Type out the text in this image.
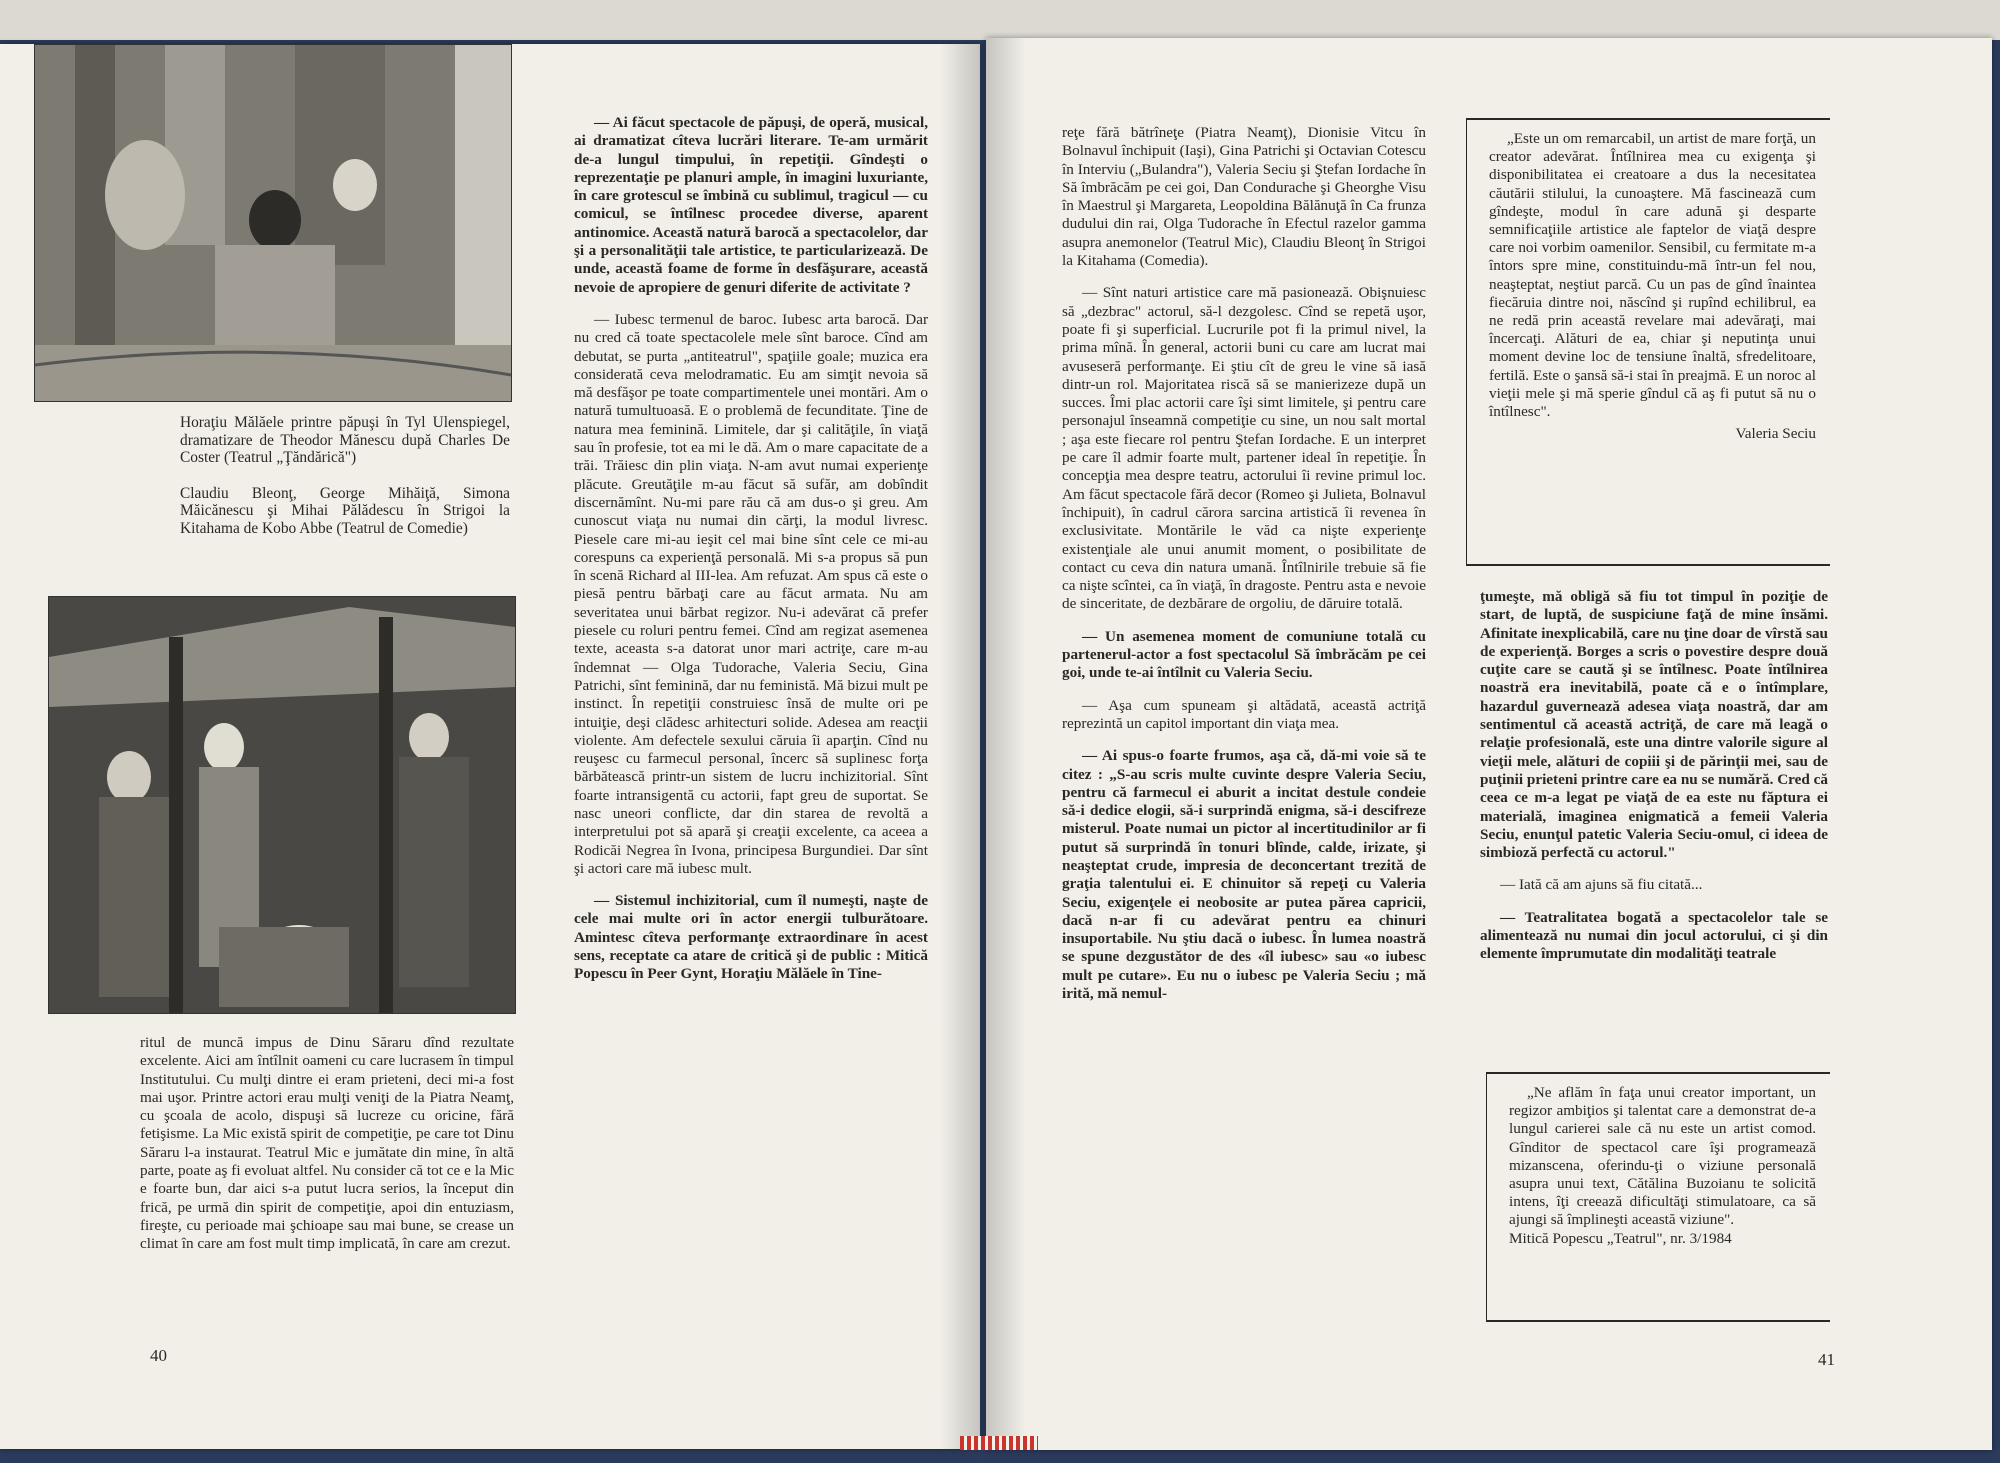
Horaţiu Mălăele printre păpuşi în Tyl Ulenspiegel, dramatizare de Theodor Mănescu după Charles De Coster (Teatrul „Ţăndărică")

Claudiu Bleonţ, George Mihăiţă, Simona Măicănescu şi Mihai Pălădescu în Strigoi la Kitahama de Kobo Abbe (Teatrul de Comedie)

ritul de muncă impus de Dinu Săraru dînd rezultate excelente. Aici am întîlnit oameni cu care lucrasem în timpul Institutului. Cu mulţi dintre ei eram prieteni, deci mi-a fost mai uşor. Printre actori erau mulţi veniţi de la Piatra Neamţ, cu şcoala de acolo, dispuşi să lucreze cu oricine, fără fetişisme. La Mic există spirit de competiţie, pe care tot Dinu Săraru l-a instaurat. Teatrul Mic e jumătate din mine, în altă parte, poate aş fi evoluat altfel. Nu consider că tot ce e la Mic e foarte bun, dar aici s-a putut lucra serios, la început din frică, pe urmă din spirit de competiţie, apoi din entuziasm, fireşte, cu perioade mai şchioape sau mai bune, se crease un climat în care am fost mult timp implicată, în care am crezut.

— Ai făcut spectacole de păpuşi, de operă, musical, ai dramatizat cîteva lucrări literare. Te-am urmărit de-a lungul timpului, în repetiţii. Gîndeşti o reprezentaţie pe planuri ample, în imagini luxuriante, în care grotescul se îmbină cu sublimul, tragicul — cu comicul, se întîlnesc procedee diverse, aparent antinomice. Această natură barocă a spectacolelor, dar şi a personalităţii tale artistice, te particularizează. De unde, această foame de forme în desfăşurare, această nevoie de apropiere de genuri diferite de activitate ?

— Iubesc termenul de baroc. Iubesc arta barocă. Dar nu cred că toate spectacolele mele sînt baroce. Cînd am debutat, se purta „antiteatrul", spaţiile goale; muzica era considerată ceva melodramatic. Eu am simţit nevoia să mă desfăşor pe toate compartimentele unei montări. Am o natură tumultuoasă. E o problemă de fecunditate. Ţine de natura mea feminină. Limitele, dar şi calităţile, în viaţă sau în profesie, tot ea mi le dă. Am o mare capacitate de a trăi. Trăiesc din plin viaţa. N-am avut numai experienţe plăcute. Greutăţile m-au făcut să sufăr, am dobîndit discernămînt. Nu-mi pare rău că am dus-o şi greu. Am cunoscut viaţa nu numai din cărţi, la modul livresc. Piesele care mi-au ieşit cel mai bine sînt cele ce mi-au corespuns ca experienţă personală. Mi s-a propus să pun în scenă Richard al III-lea. Am refuzat. Am spus că este o piesă pentru bărbaţi care au făcut armata. Nu am severitatea unui bărbat regizor. Nu-i adevărat că prefer piesele cu roluri pentru femei. Cînd am regizat asemenea texte, aceasta s-a datorat unor mari actriţe, care m-au îndemnat — Olga Tudorache, Valeria Seciu, Gina Patrichi, sînt feminină, dar nu feministă. Mă bizui mult pe instinct. În repetiţii construiesc însă de multe ori pe intuiţie, deşi clădesc arhitecturi solide. Adesea am reacţii violente. Am defectele sexului căruia îi aparţin. Cînd nu reuşesc cu farmecul personal, încerc să suplinesc forţa bărbătească printr-un sistem de lucru inchizitorial. Sînt foarte intransigentă cu actorii, fapt greu de suportat. Se nasc uneori conflicte, dar din starea de revoltă a interpretului pot să apară şi creaţii excelente, ca aceea a Rodicăi Negrea în Ivona, principesa Burgundiei. Dar sînt şi actori care mă iubesc mult.

— Sistemul inchizitorial, cum îl numeşti, naşte de cele mai multe ori în actor energii tulburătoare. Amintesc cîteva performanţe extraordinare în acest sens, receptate ca atare de critică şi de public : Mitică Popescu în Peer Gynt, Horaţiu Mălăele în Tine-

40

reţe fără bătrîneţe (Piatra Neamţ), Dionisie Vitcu în Bolnavul închipuit (Iaşi), Gina Patrichi şi Octavian Cotescu în Interviu („Bulandra"), Valeria Seciu şi Ştefan Iordache în Să îmbrăcăm pe cei goi, Dan Condurache şi Gheorghe Visu în Maestrul şi Margareta, Leopoldina Bălănuţă în Ca frunza dudului din rai, Olga Tudorache în Efectul razelor gamma asupra anemonelor (Teatrul Mic), Claudiu Bleonţ în Strigoi la Kitahama (Comedia).

— Sînt naturi artistice care mă pasionează. Obişnuiesc să „dezbrac" actorul, să-l dezgolesc. Cînd se repetă uşor, poate fi şi superficial. Lucrurile pot fi la primul nivel, la prima mînă. În general, actorii buni cu care am lucrat mai avuseseră performanţe. Ei ştiu cît de greu le vine să iasă dintr-un rol. Majoritatea riscă să se manierizeze după un succes. Îmi plac actorii care îşi simt limitele, şi pentru care personajul înseamnă competiţie cu sine, un nou salt mortal ; aşa este fiecare rol pentru Ştefan Iordache. E un interpret pe care îl admir foarte mult, partener ideal în repetiţie. În concepţia mea despre teatru, actorului îi revine primul loc. Am făcut spectacole fără decor (Romeo şi Julieta, Bolnavul închipuit), în cadrul cărora sarcina artistică îi revenea în exclusivitate. Montările le văd ca nişte experienţe existenţiale ale unui anumit moment, o posibilitate de contact cu ceva din natura umană. Întîlnirile trebuie să fie ca nişte scîntei, ca în viaţă, în dragoste. Pentru asta e nevoie de sinceritate, de dezbărare de orgoliu, de dăruire totală.

— Un asemenea moment de comuniune totală cu partenerul-actor a fost spectacolul Să îmbrăcăm pe cei goi, unde te-ai întîlnit cu Valeria Seciu.

— Aşa cum spuneam şi altădată, această actriţă reprezintă un capitol important din viaţa mea.

— Ai spus-o foarte frumos, aşa că, dă-mi voie să te citez : „S-au scris multe cuvinte despre Valeria Seciu, pentru că farmecul ei aburit a incitat destule condeie să-i dedice elogii, să-i surprindă enigma, să-i descifreze misterul. Poate numai un pictor al incertitudinilor ar fi putut să surprindă în tonuri blînde, calde, irizate, şi neaşteptat crude, impresia de deconcertant trezită de graţia talentului ei. E chinuitor să repeţi cu Valeria Seciu, exigenţele ei neobosite ar putea părea capricii, dacă n-ar fi cu adevărat pentru ea chinuri insuportabile. Nu ştiu dacă o iubesc. În lumea noastră se spune dezgustător de des «îl iubesc» sau «o iubesc mult pe cutare». Eu nu o iubesc pe Valeria Seciu ; mă irită, mă nemul-

„Este un om remarcabil, un artist de mare forţă, un creator adevărat. Întîlnirea mea cu exigenţa şi disponibilitatea ei creatoare a dus la necesitatea căutării stilului, la cunoaştere. Mă fascinează cum gîndeşte, modul în care adună şi desparte semnificaţiile artistice ale faptelor de viaţă despre care noi vorbim oamenilor. Sensibil, cu fermitate m-a întors spre mine, constituindu-mă într-un fel nou, neaşteptat, neştiut parcă. Cu un pas de gînd înaintea fiecăruia dintre noi, născînd şi rupînd echilibrul, ea ne redă prin această revelare mai adevăraţi, mai încercaţi. Alături de ea, chiar şi neputinţa unui moment devine loc de tensiune înaltă, sfredelitoare, fertilă. Este o şansă să-i stai în preajmă. E un noroc al vieţii mele şi mă sperie gîndul că aş fi putut să nu o întîlnesc".
Valeria Seciu

ţumeşte, mă obligă să fiu tot timpul în poziţie de start, de luptă, de suspiciune faţă de mine însămi. Afinitate inexplicabilă, care nu ţine doar de vîrstă sau de experienţă. Borges a scris o povestire despre două cuţite care se caută şi se întîlnesc. Poate întîlnirea noastră era inevitabilă, poate că e o întîmplare, hazardul guvernează adesea viaţa noastră, dar am sentimentul că această actriţă, de care mă leagă o relaţie profesională, este una dintre valorile sigure al vieţii mele, alături de copiii şi de părinţii mei, sau de puţinii prieteni printre care ea nu se numără. Cred că ceea ce m-a legat pe viaţă de ea este nu făptura ei materială, imaginea enigmatică a femeii Valeria Seciu, enunţul patetic Valeria Seciu-omul, ci ideea de simbioză perfectă cu actorul."

— Iată că am ajuns să fiu citată...

— Teatralitatea bogată a spectacolelor tale se alimentează nu numai din jocul actorului, ci şi din elemente împrumutate din modalităţi teatrale

„Ne aflăm în faţa unui creator important, un regizor ambiţios şi talentat care a demonstrat de-a lungul carierei sale că nu este un artist comod. Gînditor de spectacol care îşi programează mizanscena, oferindu-ţi o viziune personală asupra unui text, Cătălina Buzoianu te solicită intens, îţi creează dificultăţi stimulatoare, ca să ajungi să împlineşti această viziune".
Mitică Popescu „Teatrul", nr. 3/1984
41
